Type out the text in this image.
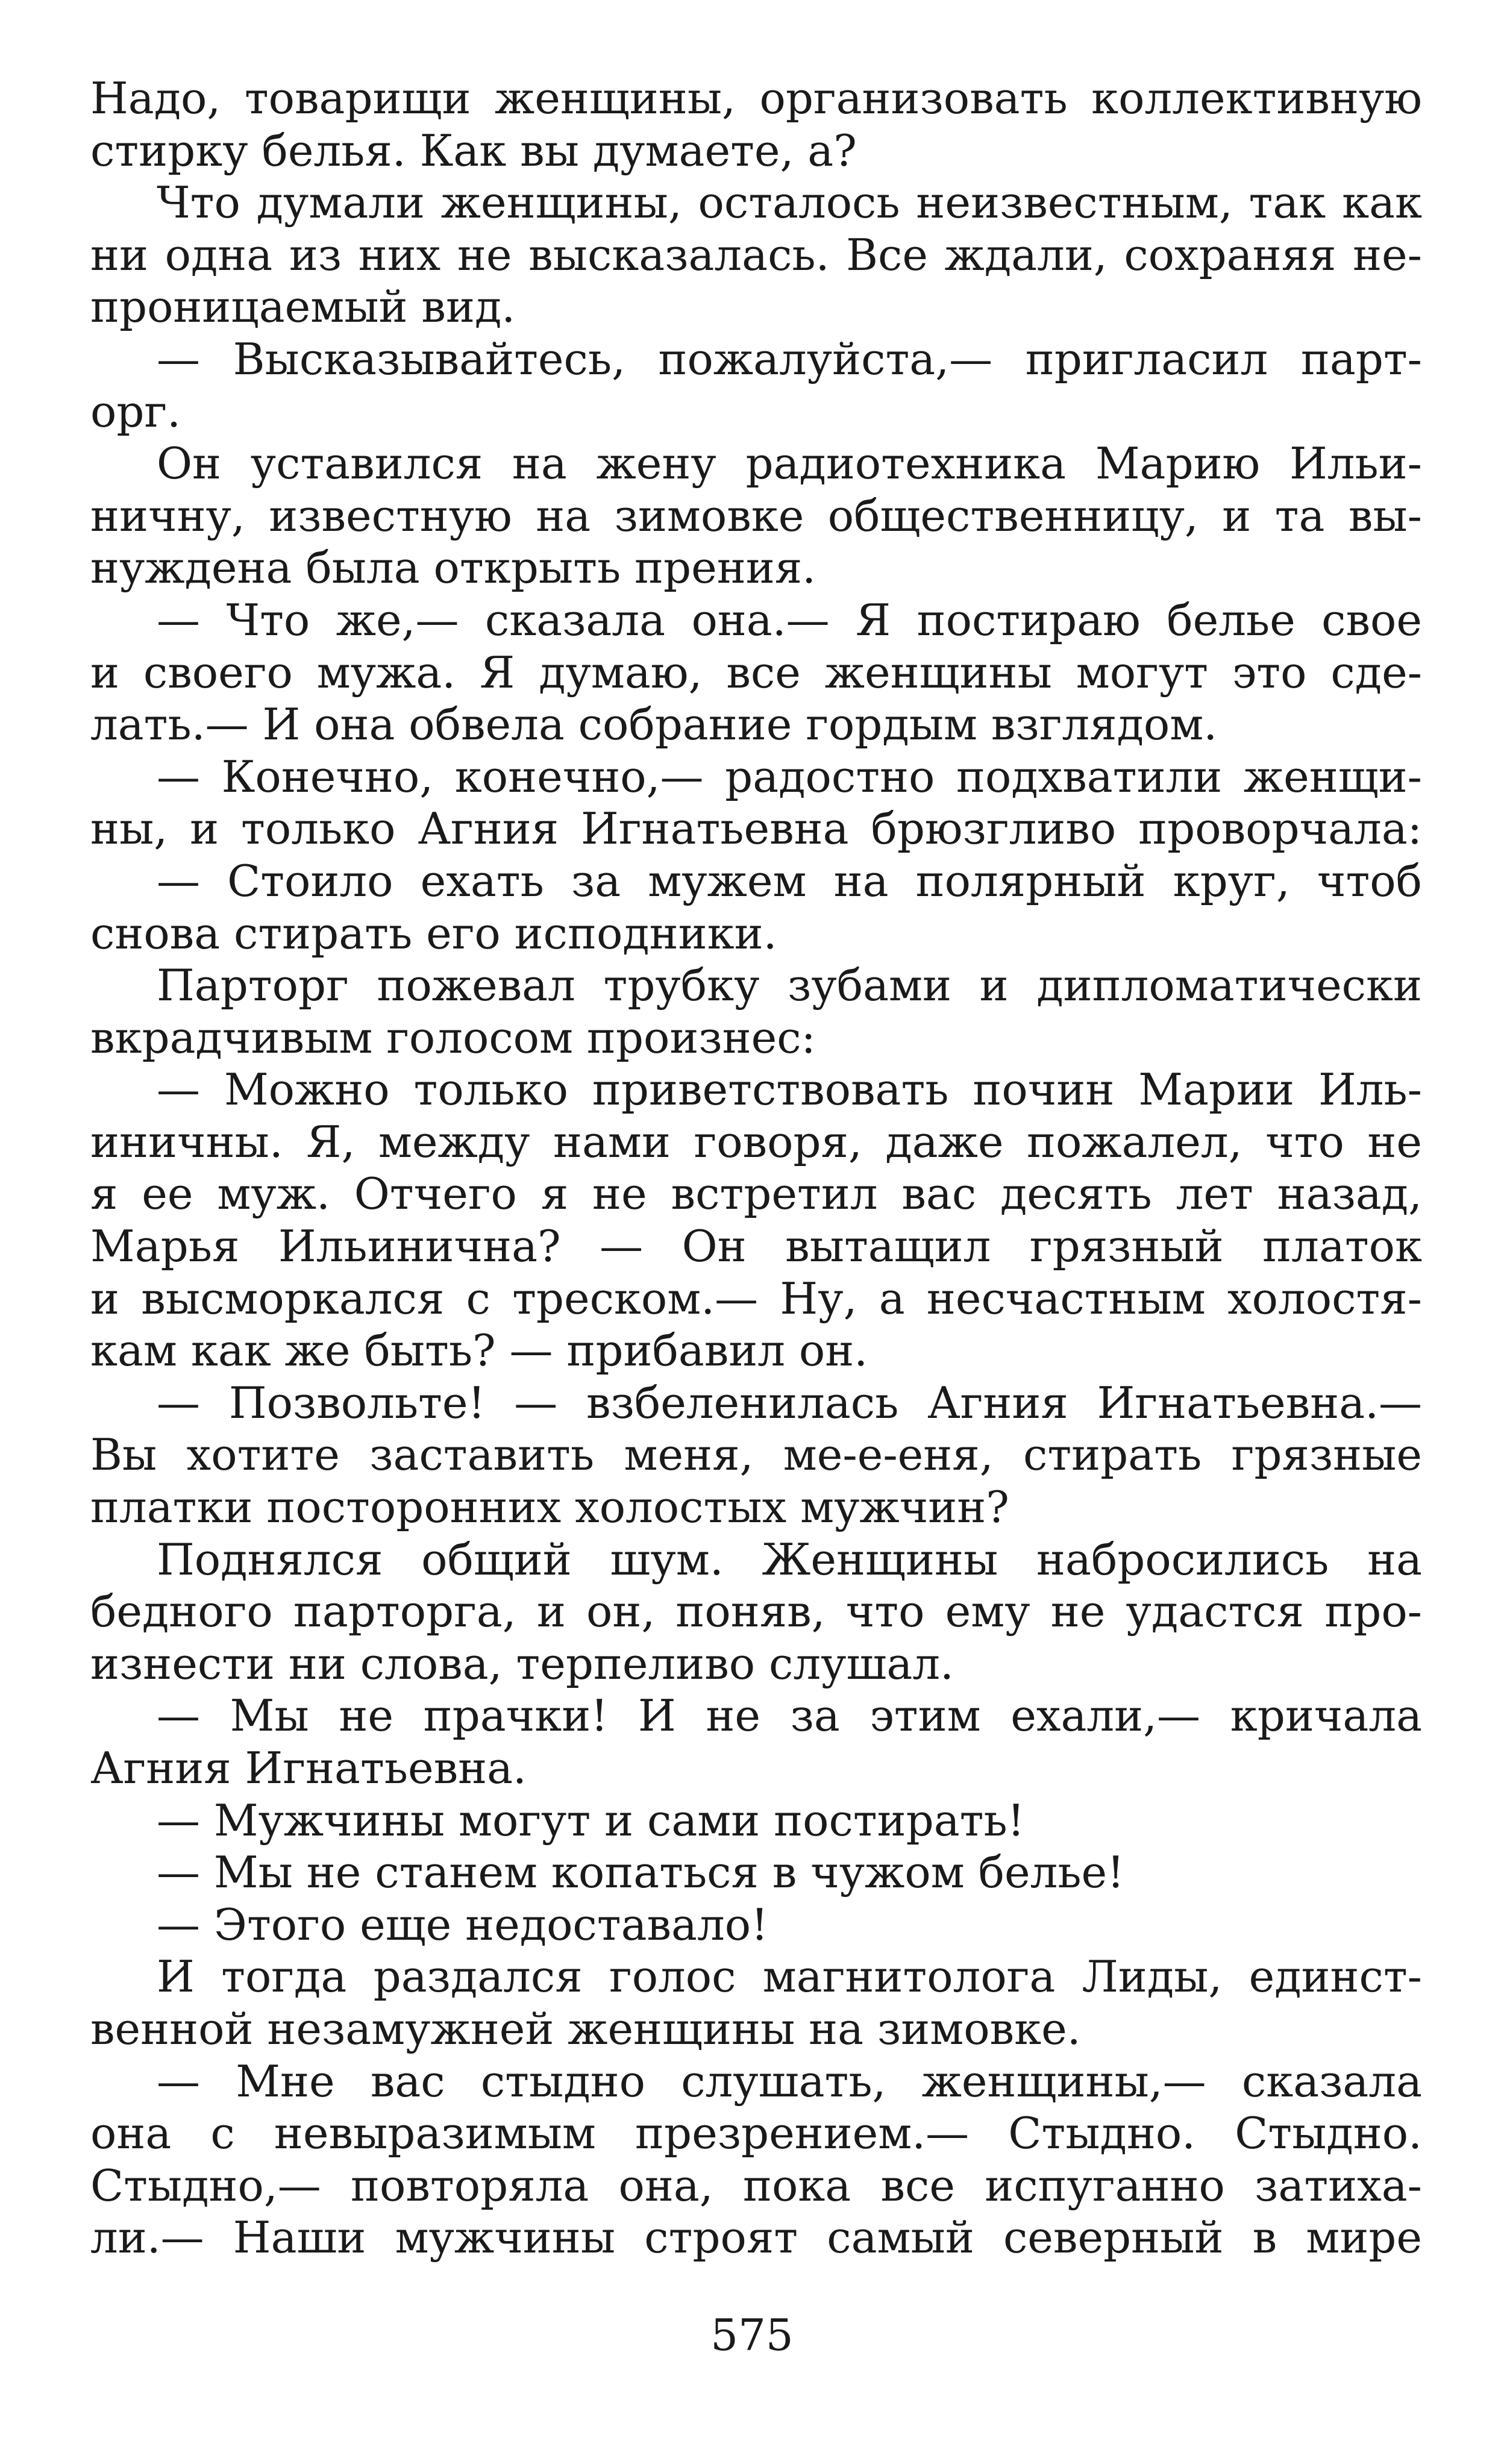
Надо, товарищи женщины, организовать коллективную
стирку белья. Как вы думаете, а?
Что думали женщины, осталось неизвестным, так как
ни одна из них не высказалась. Все ждали, сохраняя не-
проницаемый вид.
— Высказывайтесь, пожалуйста,— пригласил парт-
орг.
Он уставился на жену радиотехника Марию Ильи-
ничну, известную на зимовке общественницу, и та вы-
нуждена была открыть прения.
— Что же,— сказала она.— Я постираю белье свое
и своего мужа. Я думаю, все женщины могут это сде-
лать.— И она обвела собрание гордым взглядом.
— Конечно, конечно,— радостно подхватили женщи-
ны, и только Агния Игнатьевна брюзгливо проворчала:
— Стоило ехать за мужем на полярный круг, чтоб
снова стирать его исподники.
Парторг пожевал трубку зубами и дипломатически
вкрадчивым голосом произнес:
— Можно только приветствовать почин Марии Иль-
иничны. Я, между нами говоря, даже пожалел, что не
я ее муж. Отчего я не встретил вас десять лет назад,
Марья Ильинична? — Он вытащил грязный платок
и высморкался с треском.— Ну, а несчастным холостя-
кам как же быть? — прибавил он.
— Позвольте! — взбеленилась Агния Игнатьевна.—
Вы хотите заставить меня, ме-е-еня, стирать грязные
платки посторонних холостых мужчин?
Поднялся общий шум. Женщины набросились на
бедного парторга, и он, поняв, что ему не удастся про-
изнести ни слова, терпеливо слушал.
— Мы не прачки! И не за этим ехали,— кричала
Агния Игнатьевна.
— Мужчины могут и сами постирать!
— Мы не станем копаться в чужом белье!
— Этого еще недоставало!
И тогда раздался голос магнитолога Лиды, единст-
венной незамужней женщины на зимовке.
— Мне вас стыдно слушать, женщины,— сказала
она с невыразимым презрением.— Стыдно. Стыдно.
Стыдно,— повторяла она, пока все испуганно затиха-
ли.— Наши мужчины строят самый северный в мире
575
